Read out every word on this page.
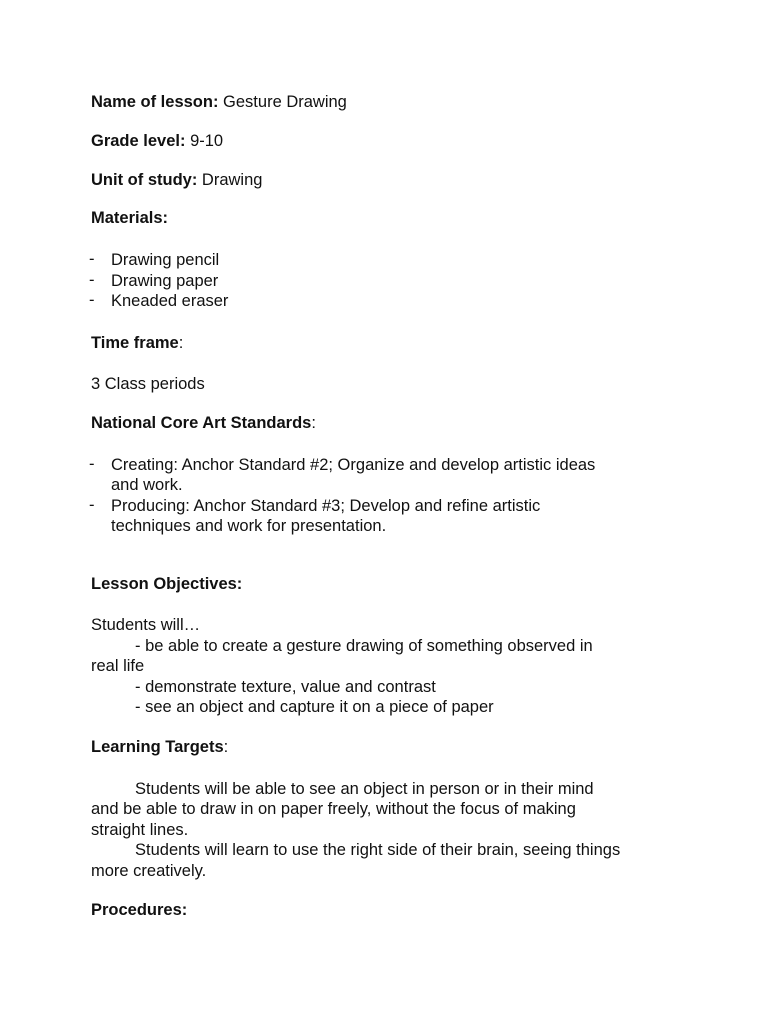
Name of lesson: Gesture Drawing
Grade level: 9-10
Unit of study: Drawing
Materials:
- Drawing pencil
- Drawing paper
- Kneaded eraser
Time frame:
3 Class periods
National Core Art Standards:
- Creating: Anchor Standard #2; Organize and develop artistic ideas
and work.
- Producing: Anchor Standard #3; Develop and refine artistic
techniques and work for presentation.
Lesson Objectives:
Students will…
- be able to create a gesture drawing of something observed in
real life
- demonstrate texture, value and contrast
- see an object and capture it on a piece of paper
Learning Targets:
Students will be able to see an object in person or in their mind
and be able to draw in on paper freely, without the focus of making
straight lines.
Students will learn to use the right side of their brain, seeing things
more creatively.
Procedures:
